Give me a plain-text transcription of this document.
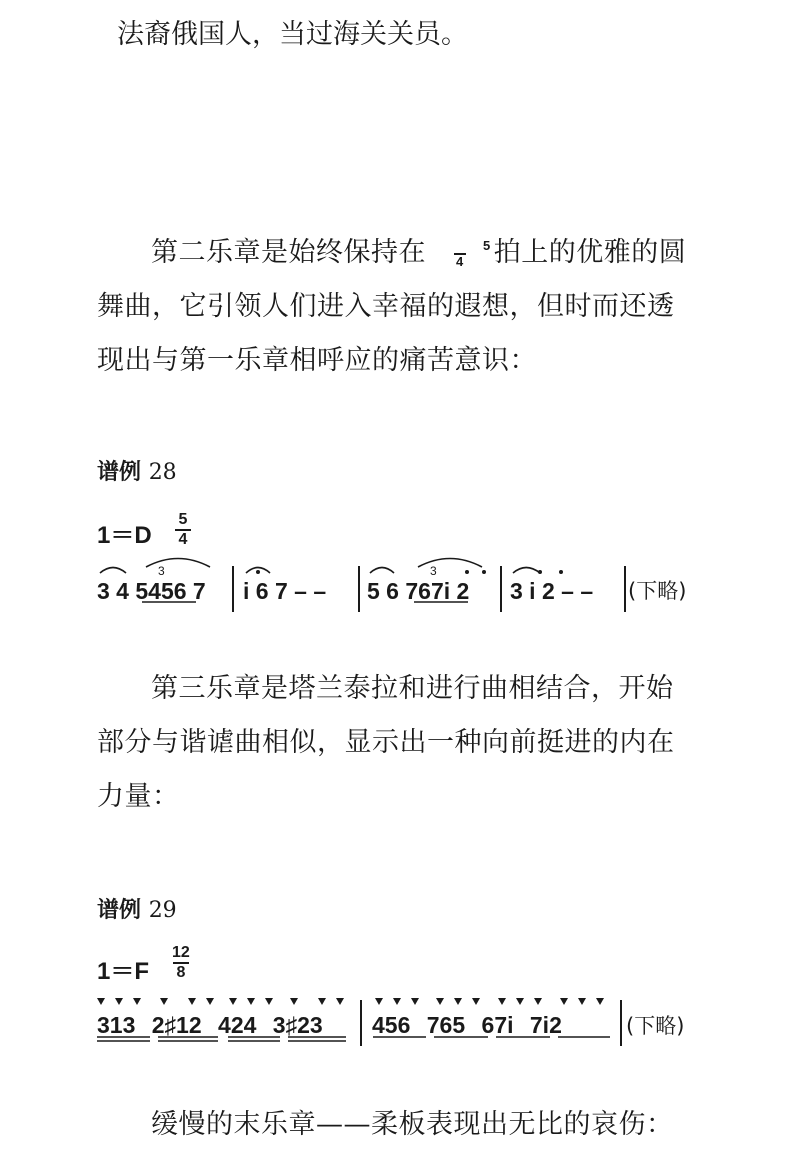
法裔俄国人，当过海关关员。
第二乐章是始终保持在	5
4 拍上的优雅的圆舞曲，它引领人们进入幸福的遐想，但时而还透现出与第一乐章相呼应的痛苦意识：
谱例 28
1＝D
5
4
3 4 5456 7 i 6 7 – – 5 6 767i 2 3 i 2 – – (下略)
3	3
第三乐章是塔兰泰拉和进行曲相结合，开始部分与谐谑曲相似，显示出一种向前挺进的内在力量：
谱例 29
1＝F
12
8
313 2♯12 424 3♯23 456 765 67i 7i2	(下略)
缓慢的末乐章——柔板表现出无比的哀伤：
